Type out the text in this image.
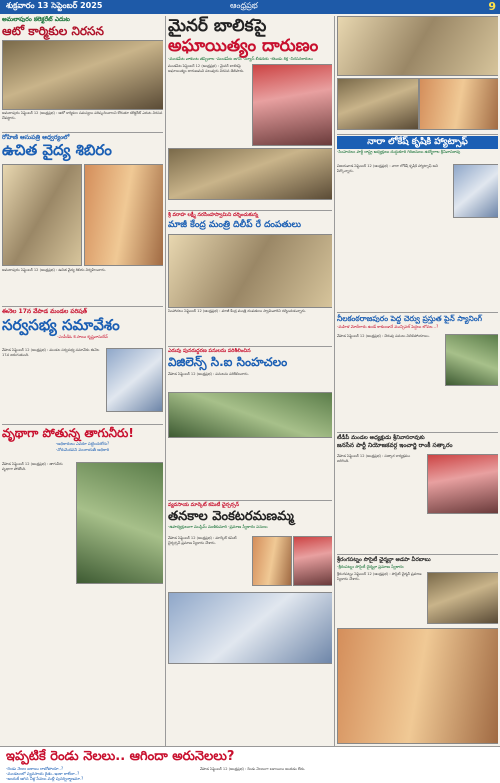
శుక్రవారం 13 సెప్టెంబర్ 2025	ఆంధ్రప్రభ	9
అమలాపురం కలెక్టరేట్ ఎదుట
ఆటో కార్మికుల నిరసన
అమలాపురం సెప్టెంబర్ 12 (ఆంధ్రప్రభ) : ఆటో కార్మికుల సమస్యలు పరిష్కరించాలని కోరుతూ కలెక్టరేట్ ఎదుట నిరసన చేపట్టారు.
రోహిణి ఆసుపత్రి ఆధ్వర్యంలో
ఉచిత వైద్య శిబిరం
అమలాపురం సెప్టెంబర్ 12 (ఆంధ్రప్రభ) : ఉచిత వైద్య శిబిరం నిర్వహించారు.
ఈనెల 17న వేపాడ మండల పరిషత్
సర్వసభ్య సమావేశం
-ఎంపీడీఓ కె.సాయి కృష్ణవాసుదేవ్
వేపాడ సెప్టెంబర్ 12 (ఆంధ్రప్రభ) : మండల సర్వసభ్య సమావేశం ఈనెల 17న జరుగుతుంది.
వృథాగా పోతున్న తాగునీరు!
-అధికారులు ఎవరూ పట్టించుకోరు?
-నోరుమెదపని పంచాయతీ అధికారి
వేపాడ సెప్టెంబర్ 12 (ఆంధ్రప్రభ) : తాగునీరు వృథాగా పోతోంది.
మైనర్ బాలికపై అఘాయిత్యం దారుణం
-మండపేట వాకుంట తప్పిదాల -మండపేట జగన్ -న్యూస్ లీడరుకు -కటుడు శిక్ష -నిరసనకారులు
మండపేట సెప్టెంబర్ 12 (ఆంధ్రప్రభ) : మైనర్ బాలికపై అఘాయిత్యం దారుణమని పలువురు నిరసన తెలిపారు.
శ్రీ వరాహ లక్ష్మీ నరసింహస్వామిని దర్శించుకున్న
మాజీ కేంద్ర మంత్రి దిలీప్ రే దంపతులు
సింహాచలం సెప్టెంబర్ 12 (ఆంధ్రప్రభ) : మాజీ కేంద్ర మంత్రి దంపతులు స్వామివారిని దర్శించుకున్నారు.
ఎరువు పునరుద్ధరణ పనులను పరిశీలించిన
విజిలెన్స్ సి.ఐ సింహచలం
వేపాడ సెప్టెంబర్ 12 (ఆంధ్రప్రభ) : పనులను పరిశీలించారు.
వ్యవసాయ మార్కెట్ కమిటీ ఛైర్పర్సన్
తనకాల వెంకటరమణమ్మ
-ఉపాధ్యక్షులుగా ముస్లిమ్ మణికుమారి -ప్రమాణ స్వీకారం పనులు
వేపాడ సెప్టెంబర్ 12 (ఆంధ్రప్రభ) : మార్కెట్ కమిటీ ఛైర్పర్సన్ ప్రమాణ స్వీకారం చేశారు.
నారా లోకేష్ కృషికి హ్యాట్సాఫ్
-సింహచలం పార్టీ రాష్ట్ర అధ్యక్షులు దుద్దుకూరి గిరిజనులు ఉద్యోగాల శ్రీనివాసరావు
విజయవాడ సెప్టెంబర్ 12 (ఆంధ్రప్రభ) : నారా లోకేష్ కృషికి హ్యాట్సాఫ్ అని పేర్కొన్నారు.
నీలకంఠరాజపురం పెద్ద చెర్వు ప్రస్తుత పైన్ స్యానింగ్
-మహిళ మోదీగారు ఉండే కాకుండానే మున్సిపల్ పెద్దలు లోపల...?
వేపాడ సెప్టెంబర్ 12 (ఆంధ్రప్రభ) : చెరువు పనులు నిలిచిపోయాయి.
టీడీపీ మండల అధ్యక్షుడు శ్రీనివాసరావుకు
జనసేన పార్టీ నియోజకవర్గ ఇంచార్జి రాంకీ సత్కారం
వేపాడ సెప్టెంబర్ 12 (ఆంధ్రప్రభ) : సత్కార కార్యక్రమం జరిగింది.
శ్రీరంగపట్నం సొసైటీ ఛైర్మన్గా అడపా వీరబాబు
-శ్రీరంపట్నం సొసైటీ ఛైర్మన్గా ప్రమాణ స్వీకారం
శ్రీరంగపట్నం సెప్టెంబర్ 12 (ఆంధ్రప్రభ) : సొసైటీ ఛైర్మన్ ప్రమాణ స్వీకారం చేశారు.
ఇప్పటికే రెండు నెలలు.. ఆగిందా అరునెలలు?
-రెండు నెలల బకాయి రాబోతాయా..?
-మండలంలో వ్యవసాయ రైతు..ఇంకా రాలేదా..?
-అందుకే ఆగిన నీళ్ల సేవలు మళ్లీ పునర్నిర్మాణమా.?
వేపాడ సెప్టెంబర్ 12 (ఆంధ్రప్రభ) : రెండు నెలలుగా బకాయిలు అందడం లేదు.
